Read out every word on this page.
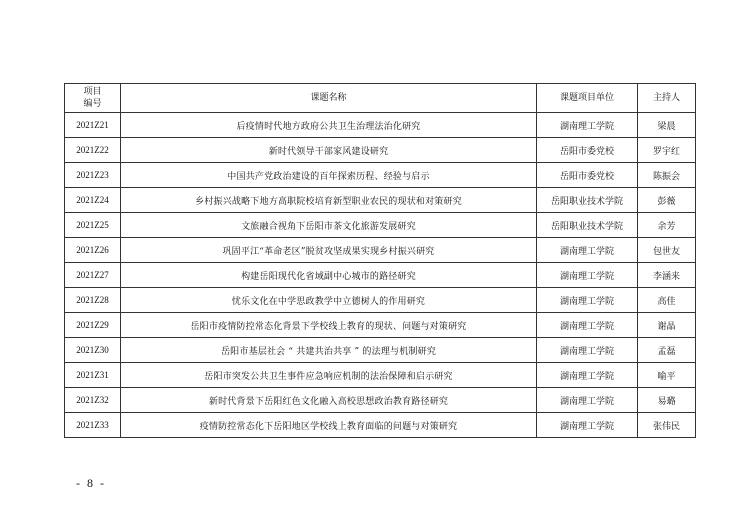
项目
编号	课题名称	课题项目单位	主持人
2021Z21	后疫情时代地方政府公共卫生治理法治化研究	湖南理工学院	梁晨
2021Z22	新时代领导干部家风建设研究	岳阳市委党校	罗宇红
2021Z23	中国共产党政治建设的百年探索历程、经验与启示	岳阳市委党校	陈振会
2021Z24	乡村振兴战略下地方高职院校培育新型职业农民的现状和对策研究	岳阳职业技术学院	彭薇
2021Z25	文旅融合视角下岳阳市茶文化旅游发展研究	岳阳职业技术学院	余芳
2021Z26	巩固平江“革命老区”脱贫攻坚成果实现乡村振兴研究	湖南理工学院	包世友
2021Z27	构建岳阳现代化省域副中心城市的路径研究	湖南理工学院	李涵来
2021Z28	忧乐文化在中学思政教学中立德树人的作用研究	湖南理工学院	高佳
2021Z29	岳阳市疫情防控常态化背景下学校线上教育的现状、问题与对策研究	湖南理工学院	谢晶
2021Z30	岳阳市基层社会 “ 共建共治共享 ” 的法理与机制研究	湖南理工学院	孟磊
2021Z31	岳阳市突发公共卫生事件应急响应机制的法治保障和启示研究	湖南理工学院	喻平
2021Z32	新时代背景下岳阳红色文化融入高校思想政治教育路径研究	湖南理工学院	易璐
2021Z33	疫情防控常态化下岳阳地区学校线上教育面临的问题与对策研究	湖南理工学院	张伟民
- 8 -
